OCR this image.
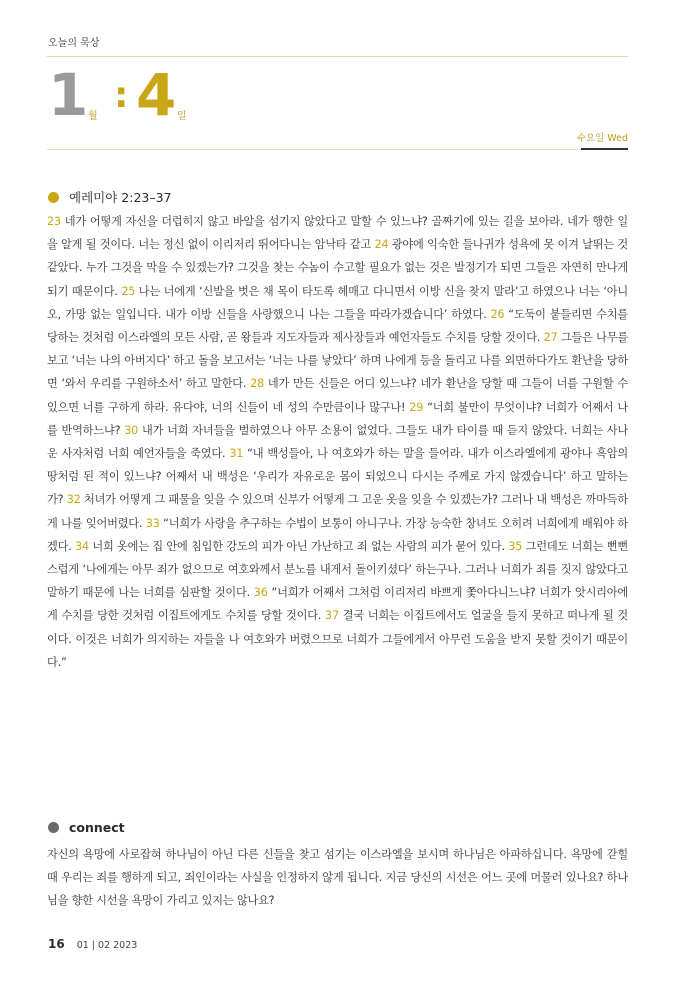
오늘의 묵상
1 월
: 4 일
수요일 Wed
예레미야 2:23–37
23 네가 어떻게 자신을 더럽히지 않고 바알을 섬기지 않았다고 말할 수 있느냐? 골짜기에 있는 길을 보아라. 네가 행한 일을 알게 될 것이다. 너는 정신 없이 이리저리 뛰어다니는 암낙타 같고 24 광야에 익숙한 들나귀가 성욕에 못 이겨 날뛰는 것 같았다. 누가 그것을 막을 수 있겠는가? 그것을 찾는 수놈이 수고할 필요가 없는 것은 발정기가 되면 그들은 자연히 만나게 되기 때문이다. 25 나는 너에게 ‘신발을 벗은 채 목이 타도록 헤매고 다니면서 이방 신을 찾지 말라’고 하였으나 너는 ‘아니오, 가망 없는 일입니다. 내가 이방 신들을 사랑했으니 나는 그들을 따라가겠습니다’ 하였다. 26 “도둑이 붙들리면 수치를 당하는 것처럼 이스라엘의 모든 사람, 곧 왕들과 지도자들과 제사장들과 예언자들도 수치를 당할 것이다. 27 그들은 나무를 보고 ‘너는 나의 아버지다’ 하고 돌을 보고서는 ‘너는 나를 낳았다’ 하며 나에게 등을 돌리고 나를 외면하다가도 환난을 당하면 ‘와서 우리를 구원하소서’ 하고 말한다. 28 네가 만든 신들은 어디 있느냐? 네가 환난을 당할 때 그들이 너를 구원할 수 있으면 너를 구하게 하라. 유다야, 너의 신들이 네 성의 수만큼이나 많구나! 29 “너희 불만이 무엇이냐? 너희가 어째서 나를 반역하느냐? 30 내가 너희 자녀들을 벌하였으나 아무 소용이 없었다. 그들도 내가 타이를 때 듣지 않았다. 너희는 사나운 사자처럼 너희 예언자들을 죽였다. 31 “내 백성들아, 나 여호와가 하는 말을 들어라. 내가 이스라엘에게 광야나 흑암의 땅처럼 된 적이 있느냐? 어째서 내 백성은 ‘우리가 자유로운 몸이 되었으니 다시는 주께로 가지 않겠습니다’ 하고 말하는가? 32 처녀가 어떻게 그 패물을 잊을 수 있으며 신부가 어떻게 그 고운 옷을 잊을 수 있겠는가? 그러나 내 백성은 까마득하게 나를 잊어버렸다. 33 “너희가 사랑을 추구하는 수법이 보통이 아니구나. 가장 능숙한 창녀도 오히려 너희에게 배워야 하겠다. 34 너희 옷에는 집 안에 침입한 강도의 피가 아닌 가난하고 죄 없는 사람의 피가 묻어 있다. 35 그런데도 너희는 뻔뻔스럽게 ‘나에게는 아무 죄가 없으므로 여호와께서 분노를 내게서 돌이키셨다’ 하는구나. 그러나 너희가 죄를 짓지 않았다고 말하기 때문에 나는 너희를 심판할 것이다. 36 “너희가 어째서 그처럼 이리저리 바쁘게 쫓아다니느냐? 너희가 앗시리아에게 수치를 당한 것처럼 이집트에게도 수치를 당할 것이다. 37 결국 너희는 이집트에서도 얼굴을 들지 못하고 떠나게 될 것이다. 이것은 너희가 의지하는 자들을 나 여호와가 버렸으므로 너희가 그들에게서 아무런 도움을 받지 못할 것이기 때문이다.”
connect
자신의 욕망에 사로잡혀 하나님이 아닌 다른 신들을 찾고 섬기는 이스라엘을 보시며 하나님은 아파하십니다. 욕망에 갇힐 때 우리는 죄를 행하게 되고, 죄인이라는 사실을 인정하지 않게 됩니다. 지금 당신의 시선은 어느 곳에 머물러 있나요? 하나님을 향한 시선을 욕망이 가리고 있지는 않나요?
16 01 | 02 2023
